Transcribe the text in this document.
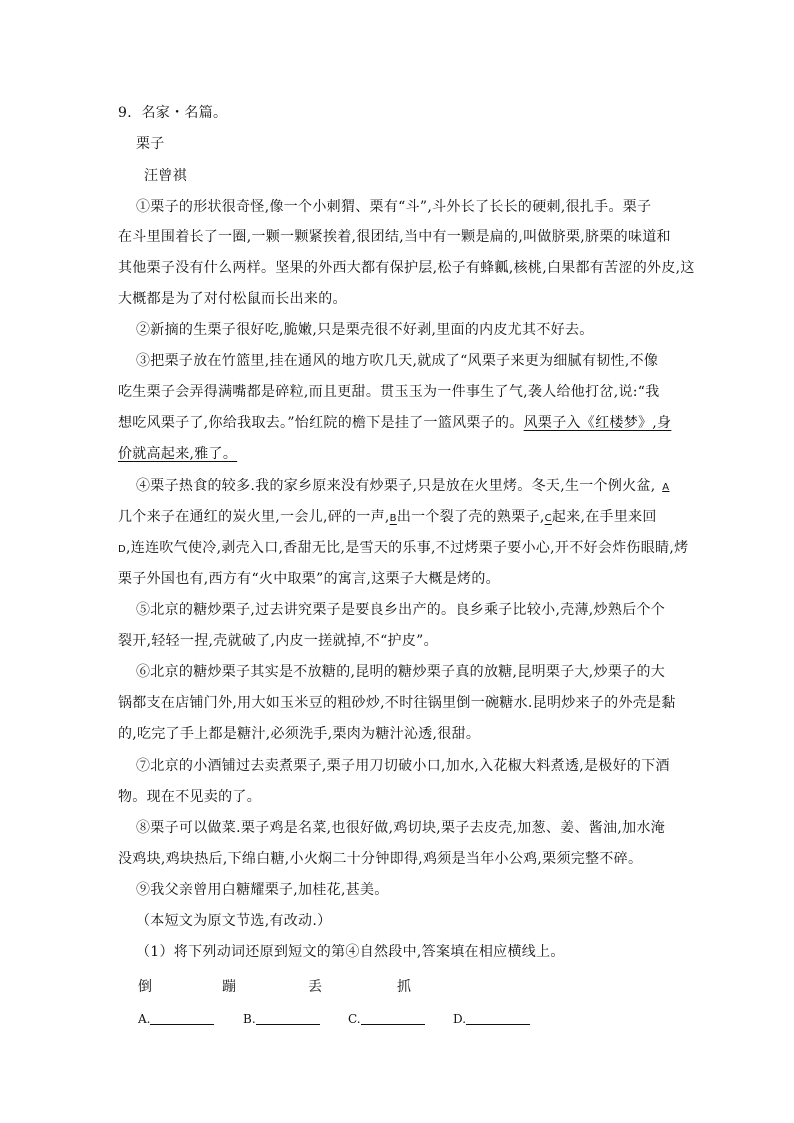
9．名家・名篇。
栗子
汪曾祺
①栗子的形状很奇怪,像一个小刺猬、栗有“斗”,斗外长了长长的硬刺,很扎手。栗子
在斗里围着长了一圈,一颗一颗紧挨着,很团结,当中有一颗是扁的,叫做脐栗,脐栗的味道和
其他栗子没有什么两样。坚果的外西大都有保护层,松子有蜂瓤,核桃,白果都有苦涩的外皮,这
大概都是为了对付松鼠而长出来的。
②新摘的生栗子很好吃,脆嫩,只是栗壳很不好剥,里面的内皮尤其不好去。
③把栗子放在竹篮里,挂在通风的地方吹几天,就成了“风栗子来更为细腻有韧性,不像
吃生栗子会弄得满嘴都是碎粒,而且更甜。贯玉玉为一件事生了气,袭人给他打岔,说:“我
想吃风栗子了,你给我取去。”怡红院的檐下是挂了一篮风栗子的。风栗子入《红楼梦》,身
价就高起来,雅了。
④栗子热食的较多.我的家乡原来没有炒栗子,只是放在火里烤。冬天,生一个例火盆, A
几个来子在通红的炭火里,一会儿,砰的一声,B出一个裂了壳的熟栗子,C起来,在手里来回
D,连连吹气使冷,剥壳入口,香甜无比,是雪天的乐事,不过烤栗子要小心,开不好会炸伤眼睛,烤
栗子外国也有,西方有“火中取栗”的寓言,这栗子大概是烤的。
⑤北京的糖炒栗子,过去讲究栗子是要良乡出产的。良乡乘子比较小,壳薄,炒熟后个个
裂开,轻轻一捏,壳就破了,内皮一搓就掉,不“护皮”。
⑥北京的糖炒栗子其实是不放糖的,昆明的糖炒栗子真的放糖,昆明栗子大,炒栗子的大
锅都支在店铺门外,用大如玉米豆的粗砂炒,不时往锅里倒一碗糖水.昆明炒来子的外壳是黏
的,吃完了手上都是糖汁,必须洗手,栗肉为糖汁沁透,很甜。
⑦北京的小酒铺过去卖煮栗子,栗子用刀切破小口,加水,入花椒大料煮透,是极好的下酒
物。现在不见卖的了。
⑧栗子可以做菜.栗子鸡是名菜,也很好做,鸡切块,栗子去皮壳,加葱、姜、酱油,加水淹
没鸡块,鸡块热后,下绵白糖,小火焖二十分钟即得,鸡须是当年小公鸡,栗须完整不碎。
⑨我父亲曾用白糖耀栗子,加桂花,甚美。
（本短文为原文节选,有改动.）
（1）将下列动词还原到短文的第④自然段中,答案填在相应横线上。
倒	蹦	丢	抓
A.	B.	C.	D.
